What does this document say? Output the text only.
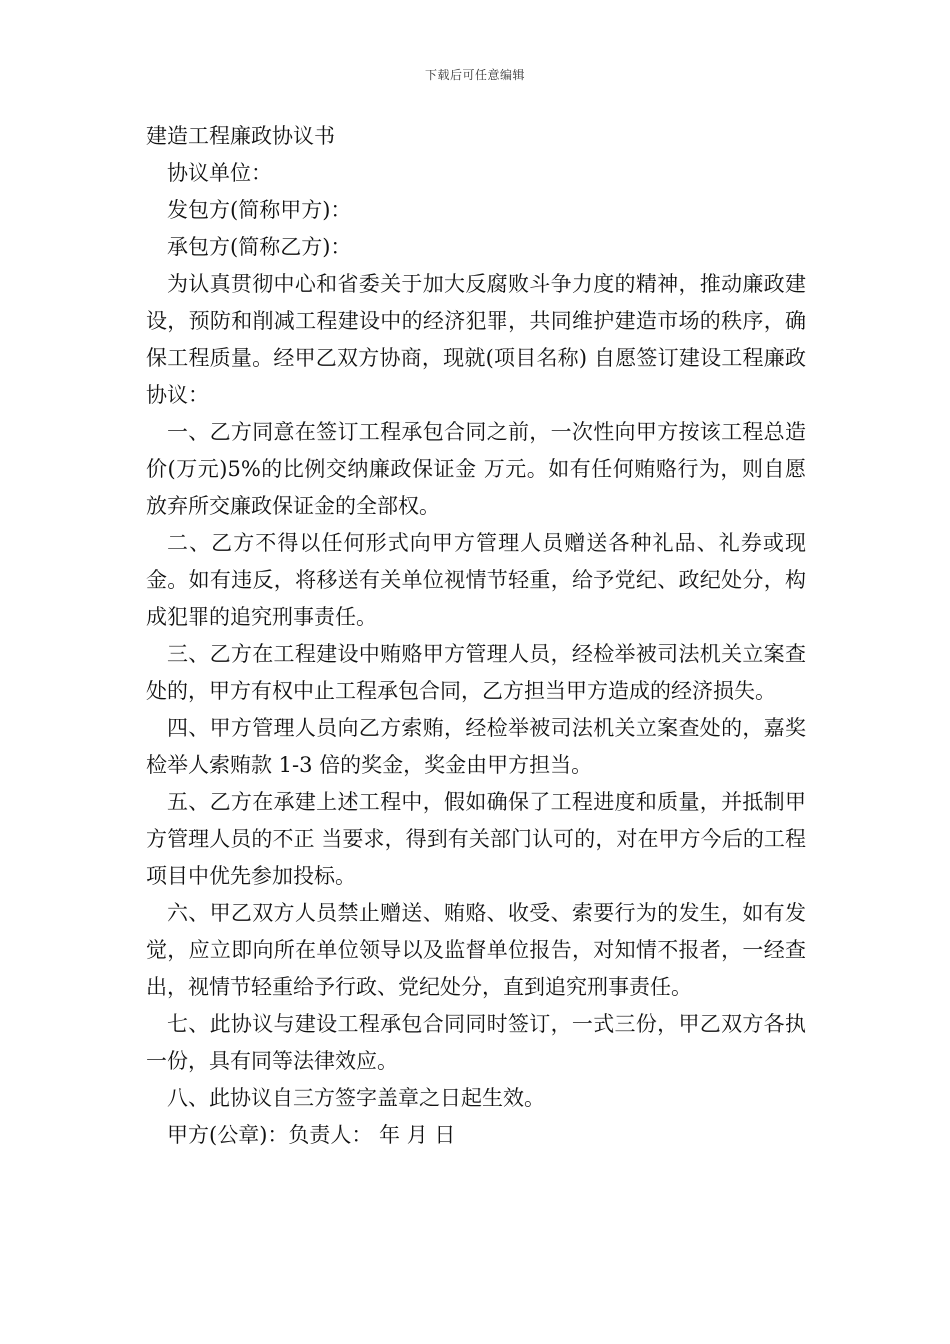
下载后可任意编辑

建造工程廉政协议书

协议单位：

发包方(简称甲方)：

承包方(简称乙方)：

为认真贯彻中心和省委关于加大反腐败斗争力度的精神，推动廉政建设，预防和削减工程建设中的经济犯罪，共同维护建造市场的秩序，确保工程质量。经甲乙双方协商，现就(项目名称) 自愿签订建设工程廉政协议：

一、乙方同意在签订工程承包合同之前，一次性向甲方按该工程总造价(万元)5%的比例交纳廉政保证金 万元。如有任何贿赂行为，则自愿放弃所交廉政保证金的全部权。

二、乙方不得以任何形式向甲方管理人员赠送各种礼品、礼券或现金。如有违反，将移送有关单位视情节轻重，给予党纪、政纪处分，构成犯罪的追究刑事责任。

三、乙方在工程建设中贿赂甲方管理人员，经检举被司法机关立案查处的，甲方有权中止工程承包合同，乙方担当甲方造成的经济损失。

四、甲方管理人员向乙方索贿，经检举被司法机关立案查处的，嘉奖检举人索贿款 1-3 倍的奖金，奖金由甲方担当。

五、乙方在承建上述工程中，假如确保了工程进度和质量，并抵制甲方管理人员的不正 当要求，得到有关部门认可的，对在甲方今后的工程项目中优先参加投标。

六、甲乙双方人员禁止赠送、贿赂、收受、索要行为的发生，如有发觉，应立即向所在单位领导以及监督单位报告，对知情不报者，一经查出，视情节轻重给予行政、党纪处分，直到追究刑事责任。

七、此协议与建设工程承包合同同时签订，一式三份，甲乙双方各执一份，具有同等法律效应。

八、此协议自三方签字盖章之日起生效。

甲方(公章)：负责人： 年 月 日
